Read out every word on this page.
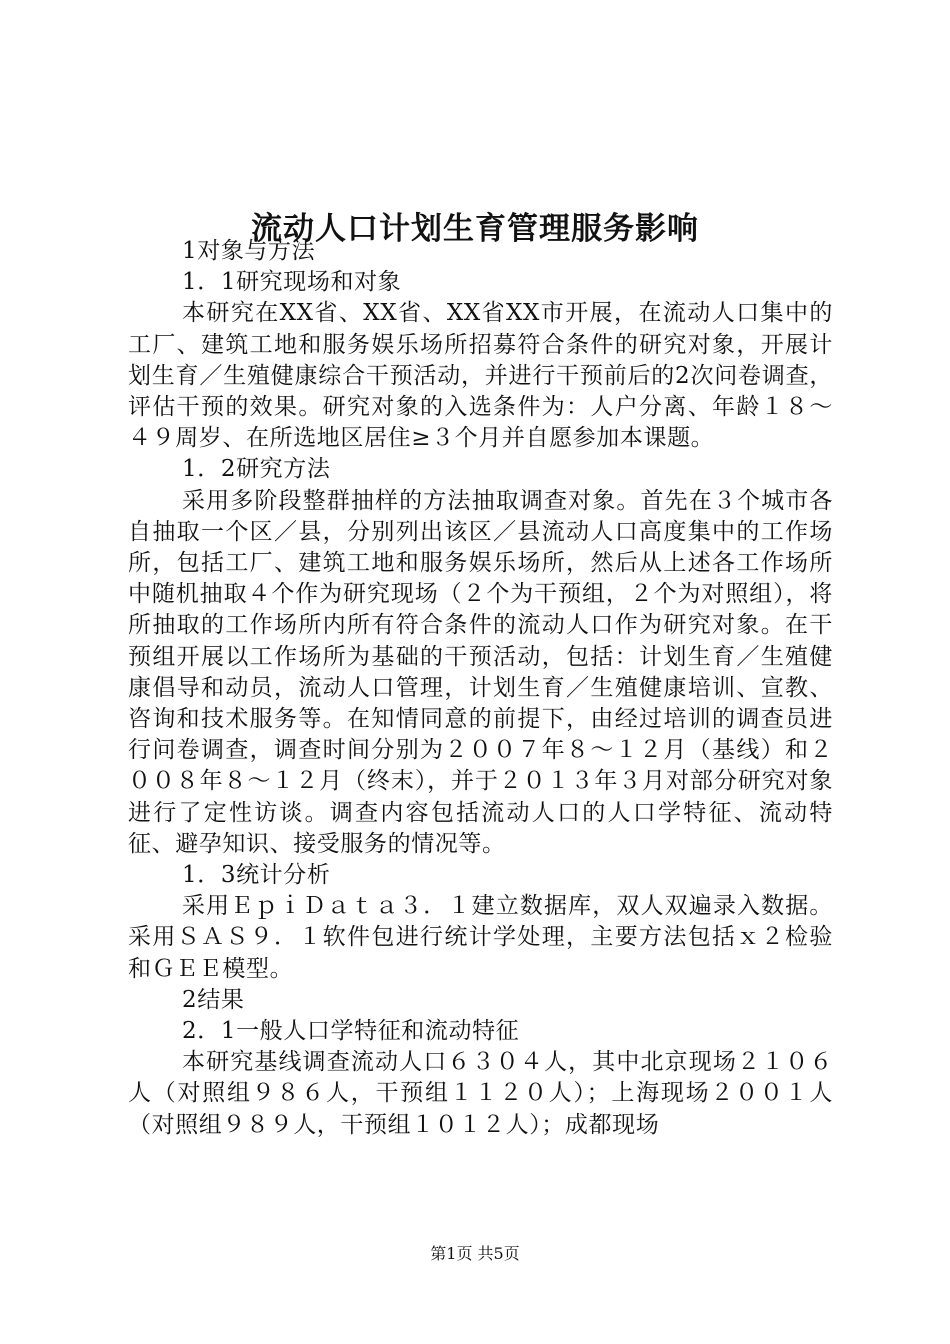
流动人口计划生育管理服务影响

1对象与方法

1．1研究现场和对象

本研究在XX省、XX省、XX省XX市开展，在流动人口集中的工厂、建筑工地和服务娱乐场所招募符合条件的研究对象，开展计划生育／生殖健康综合干预活动，并进行干预前后的2次问卷调查，评估干预的效果。研究对象的入选条件为：人户分离、年龄１８～４９周岁、在所选地区居住≥３个月并自愿参加本课题。

1．2研究方法

采用多阶段整群抽样的方法抽取调查对象。首先在３个城市各自抽取一个区／县，分别列出该区／县流动人口高度集中的工作场所，包括工厂、建筑工地和服务娱乐场所，然后从上述各工作场所中随机抽取４个作为研究现场（２个为干预组，２个为对照组），将所抽取的工作场所内所有符合条件的流动人口作为研究对象。在干预组开展以工作场所为基础的干预活动，包括：计划生育／生殖健康倡导和动员，流动人口管理，计划生育／生殖健康培训、宣教、咨询和技术服务等。在知情同意的前提下，由经过培训的调查员进行问卷调查，调查时间分别为２００７年８～１２月（基线）和２００８年８～１２月（终末），并于２０１３年３月对部分研究对象进行了定性访谈。调查内容包括流动人口的人口学特征、流动特征、避孕知识、接受服务的情况等。

1．3统计分析

采用ＥｐｉＤａｔａ３．１建立数据库，双人双遍录入数据。采用ＳＡＳ９．１软件包进行统计学处理，主要方法包括ｘ２检验和ＧＥＥ模型。

2结果

2．1一般人口学特征和流动特征

本研究基线调查流动人口６３０４人，其中北京现场２１０６人（对照组９８６人，干预组１１２０人）；上海现场２００１人（对照组９８９人，干预组１０１２人）；成都现场

第1页 共5页
